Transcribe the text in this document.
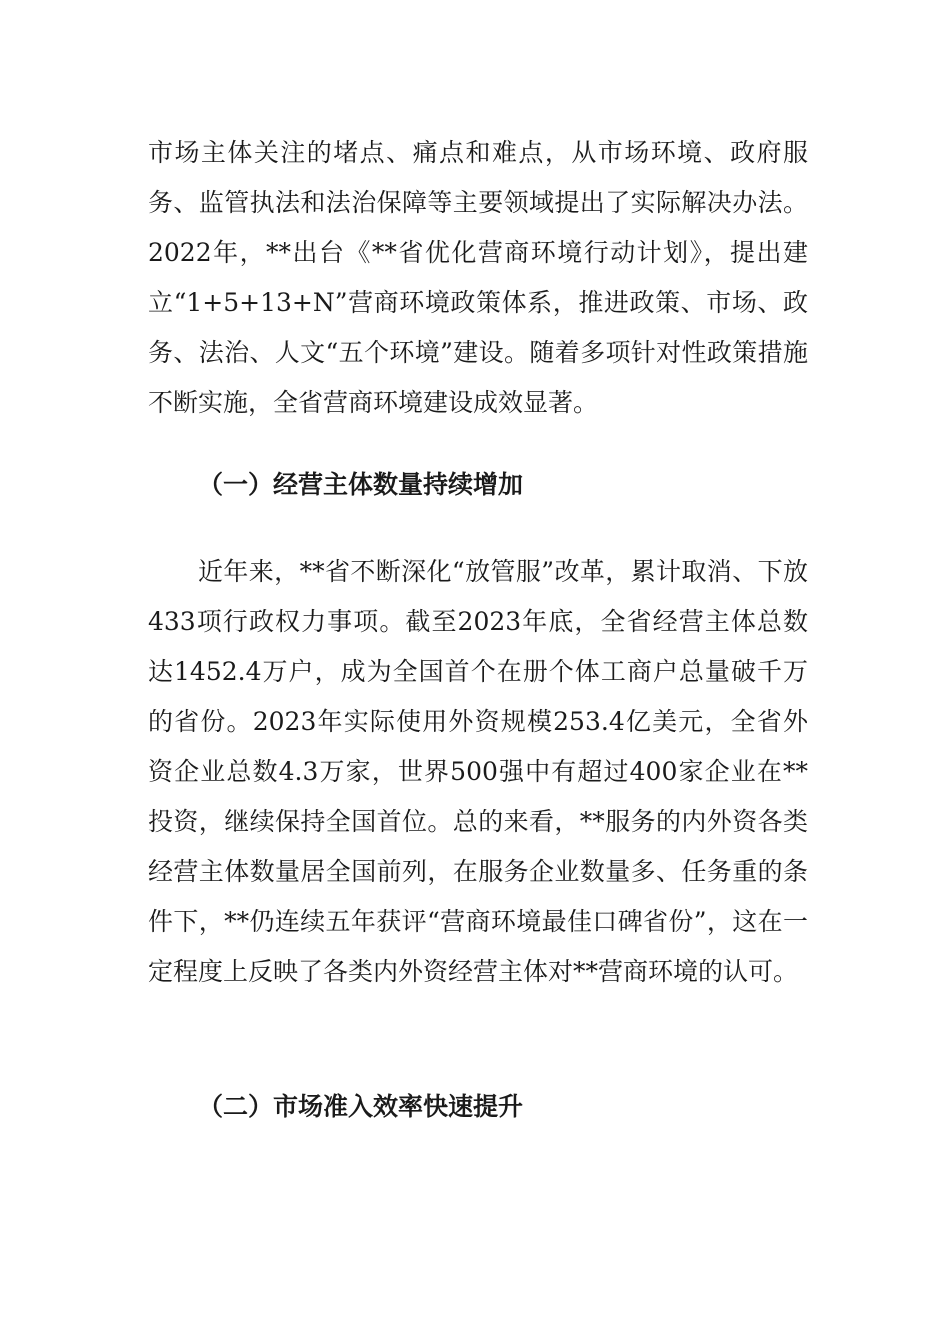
市场主体关注的堵点、痛点和难点，从市场环境、政府服务、监管执法和法治保障等主要领域提出了实际解决办法。2022年，**出台《**省优化营商环境行动计划》，提出建立“1+5+13+N”营商环境政策体系，推进政策、市场、政务、法治、人文“五个环境”建设。随着多项针对性政策措施不断实施，全省营商环境建设成效显著。

（一）经营主体数量持续增加

近年来，**省不断深化“放管服”改革，累计取消、下放433项行政权力事项。截至2023年底，全省经营主体总数达1452.4万户，成为全国首个在册个体工商户总量破千万的省份。2023年实际使用外资规模253.4亿美元，全省外资企业总数4.3万家，世界500强中有超过400家企业在**投资，继续保持全国首位。总的来看，**服务的内外资各类经营主体数量居全国前列，在服务企业数量多、任务重的条件下，**仍连续五年获评“营商环境最佳口碑省份”，这在一定程度上反映了各类内外资经营主体对**营商环境的认可。

（二）市场准入效率快速提升
